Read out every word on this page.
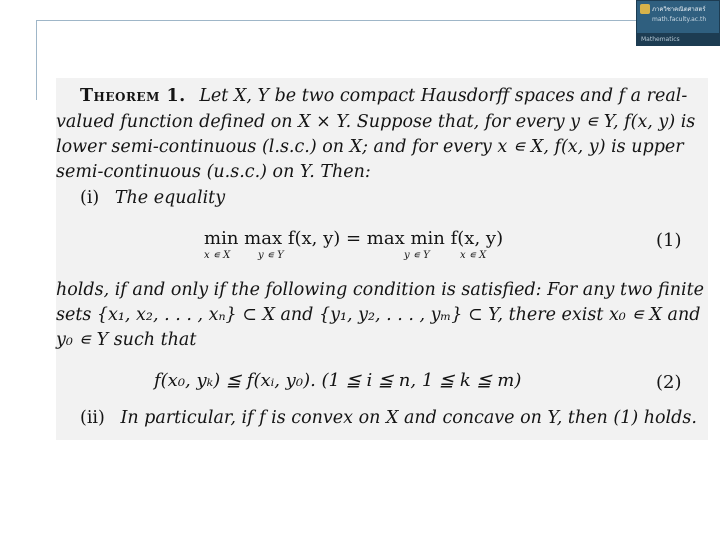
ภาควิชาคณิตศาสตร์
math.faculty.ac.th
Mathematics
Theorem 1. Let X, Y be two compact Hausdorff spaces and f a real-
valued function defined on X × Y. Suppose that, for every y ∊ Y, f(x, y) is
lower semi-continuous (l.s.c.) on X; and for every x ∊ X, f(x, y) is upper
semi-continuous (u.s.c.) on Y. Then:
(i) The equality
min max f(x, y) = max min f(x, y)
x ∊ X	y ∊ Y	y ∊ Y	x ∊ X
(1)
holds, if and only if the following condition is satisfied: For any two finite
sets {x₁, x₂, . . . , xₙ} ⊂ X and {y₁, y₂, . . . , yₘ} ⊂ Y, there exist x₀ ∊ X and
y₀ ∊ Y such that
f(x₀, yₖ) ≦ f(xᵢ, y₀). (1 ≦ i ≦ n, 1 ≦ k ≦ m)	(2)
(ii) In particular, if f is convex on X and concave on Y, then (1) holds.
